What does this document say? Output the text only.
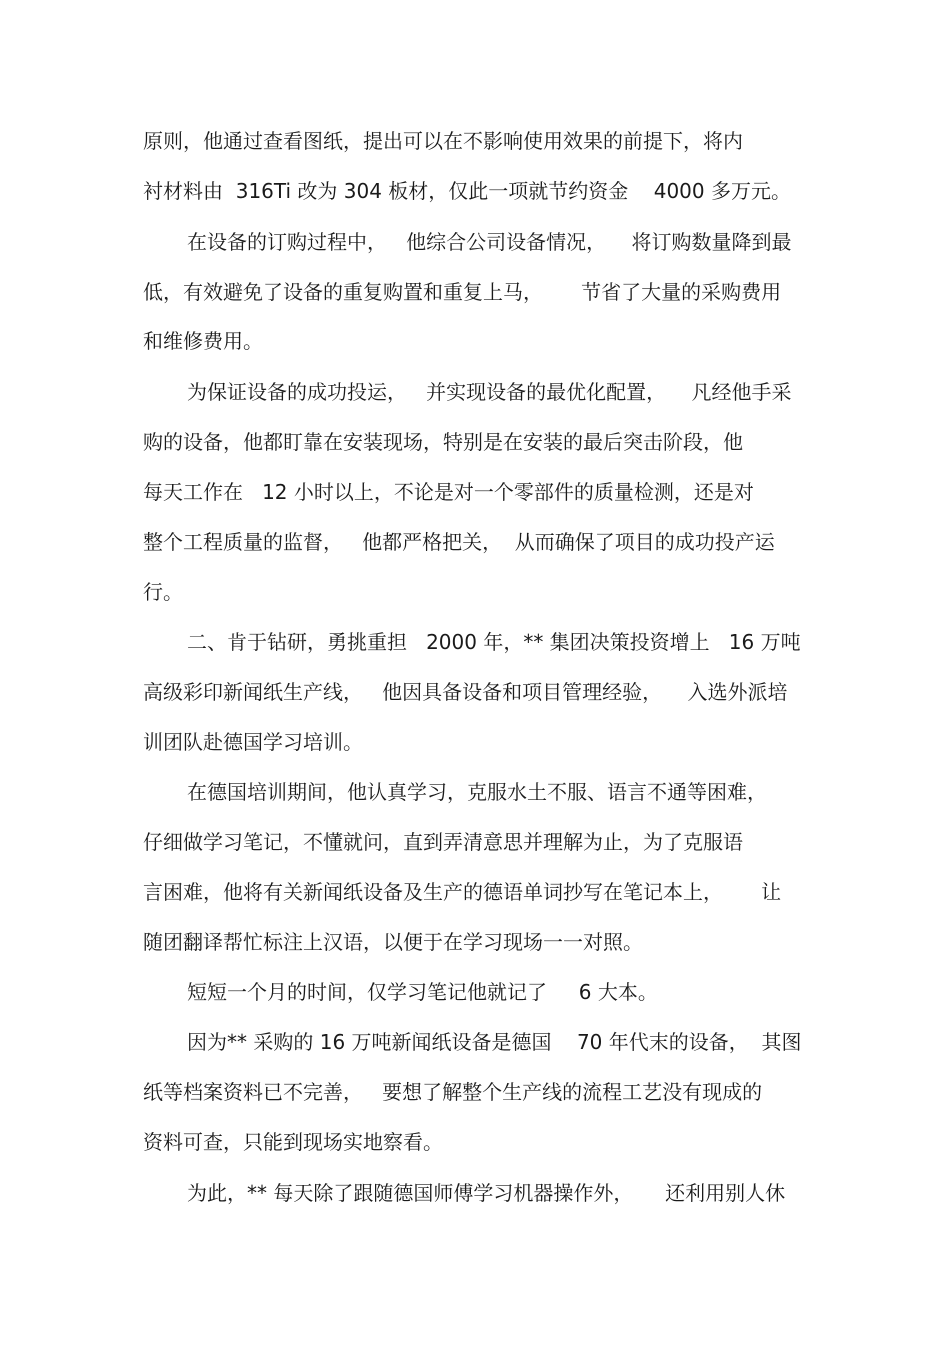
原则，他通过查看图纸，提出可以在不影响使用效果的前提下，将内
衬材料由  316Ti 改为 304 板材，仅此一项就节约资金    4000 多万元。
在设备的订购过程中，   他综合公司设备情况，    将订购数量降到最
低，有效避免了设备的重复购置和重复上马，      节省了大量的采购费用
和维修费用。
为保证设备的成功投运，   并实现设备的最优化配置，    凡经他手采
购的设备，他都盯靠在安装现场，特别是在安装的最后突击阶段，他
每天工作在   12 小时以上，不论是对一个零部件的质量检测，还是对
整个工程质量的监督，   他都严格把关，  从而确保了项目的成功投产运
行。
二、肯于钻研，勇挑重担   2000 年，** 集团决策投资增上   16 万吨
高级彩印新闻纸生产线，   他因具备设备和项目管理经验，    入选外派培
训团队赴德国学习培训。
在德国培训期间，他认真学习，克服水土不服、语言不通等困难，
仔细做学习笔记，不懂就问，直到弄清意思并理解为止，为了克服语
言困难，他将有关新闻纸设备及生产的德语单词抄写在笔记本上，      让
随团翻译帮忙标注上汉语，以便于在学习现场一一对照。
短短一个月的时间，仅学习笔记他就记了     6 大本。
因为** 采购的 16 万吨新闻纸设备是德国    70 年代末的设备，  其图
纸等档案资料已不完善，   要想了解整个生产线的流程工艺没有现成的
资料可查，只能到现场实地察看。
为此，** 每天除了跟随德国师傅学习机器操作外，     还利用别人休
